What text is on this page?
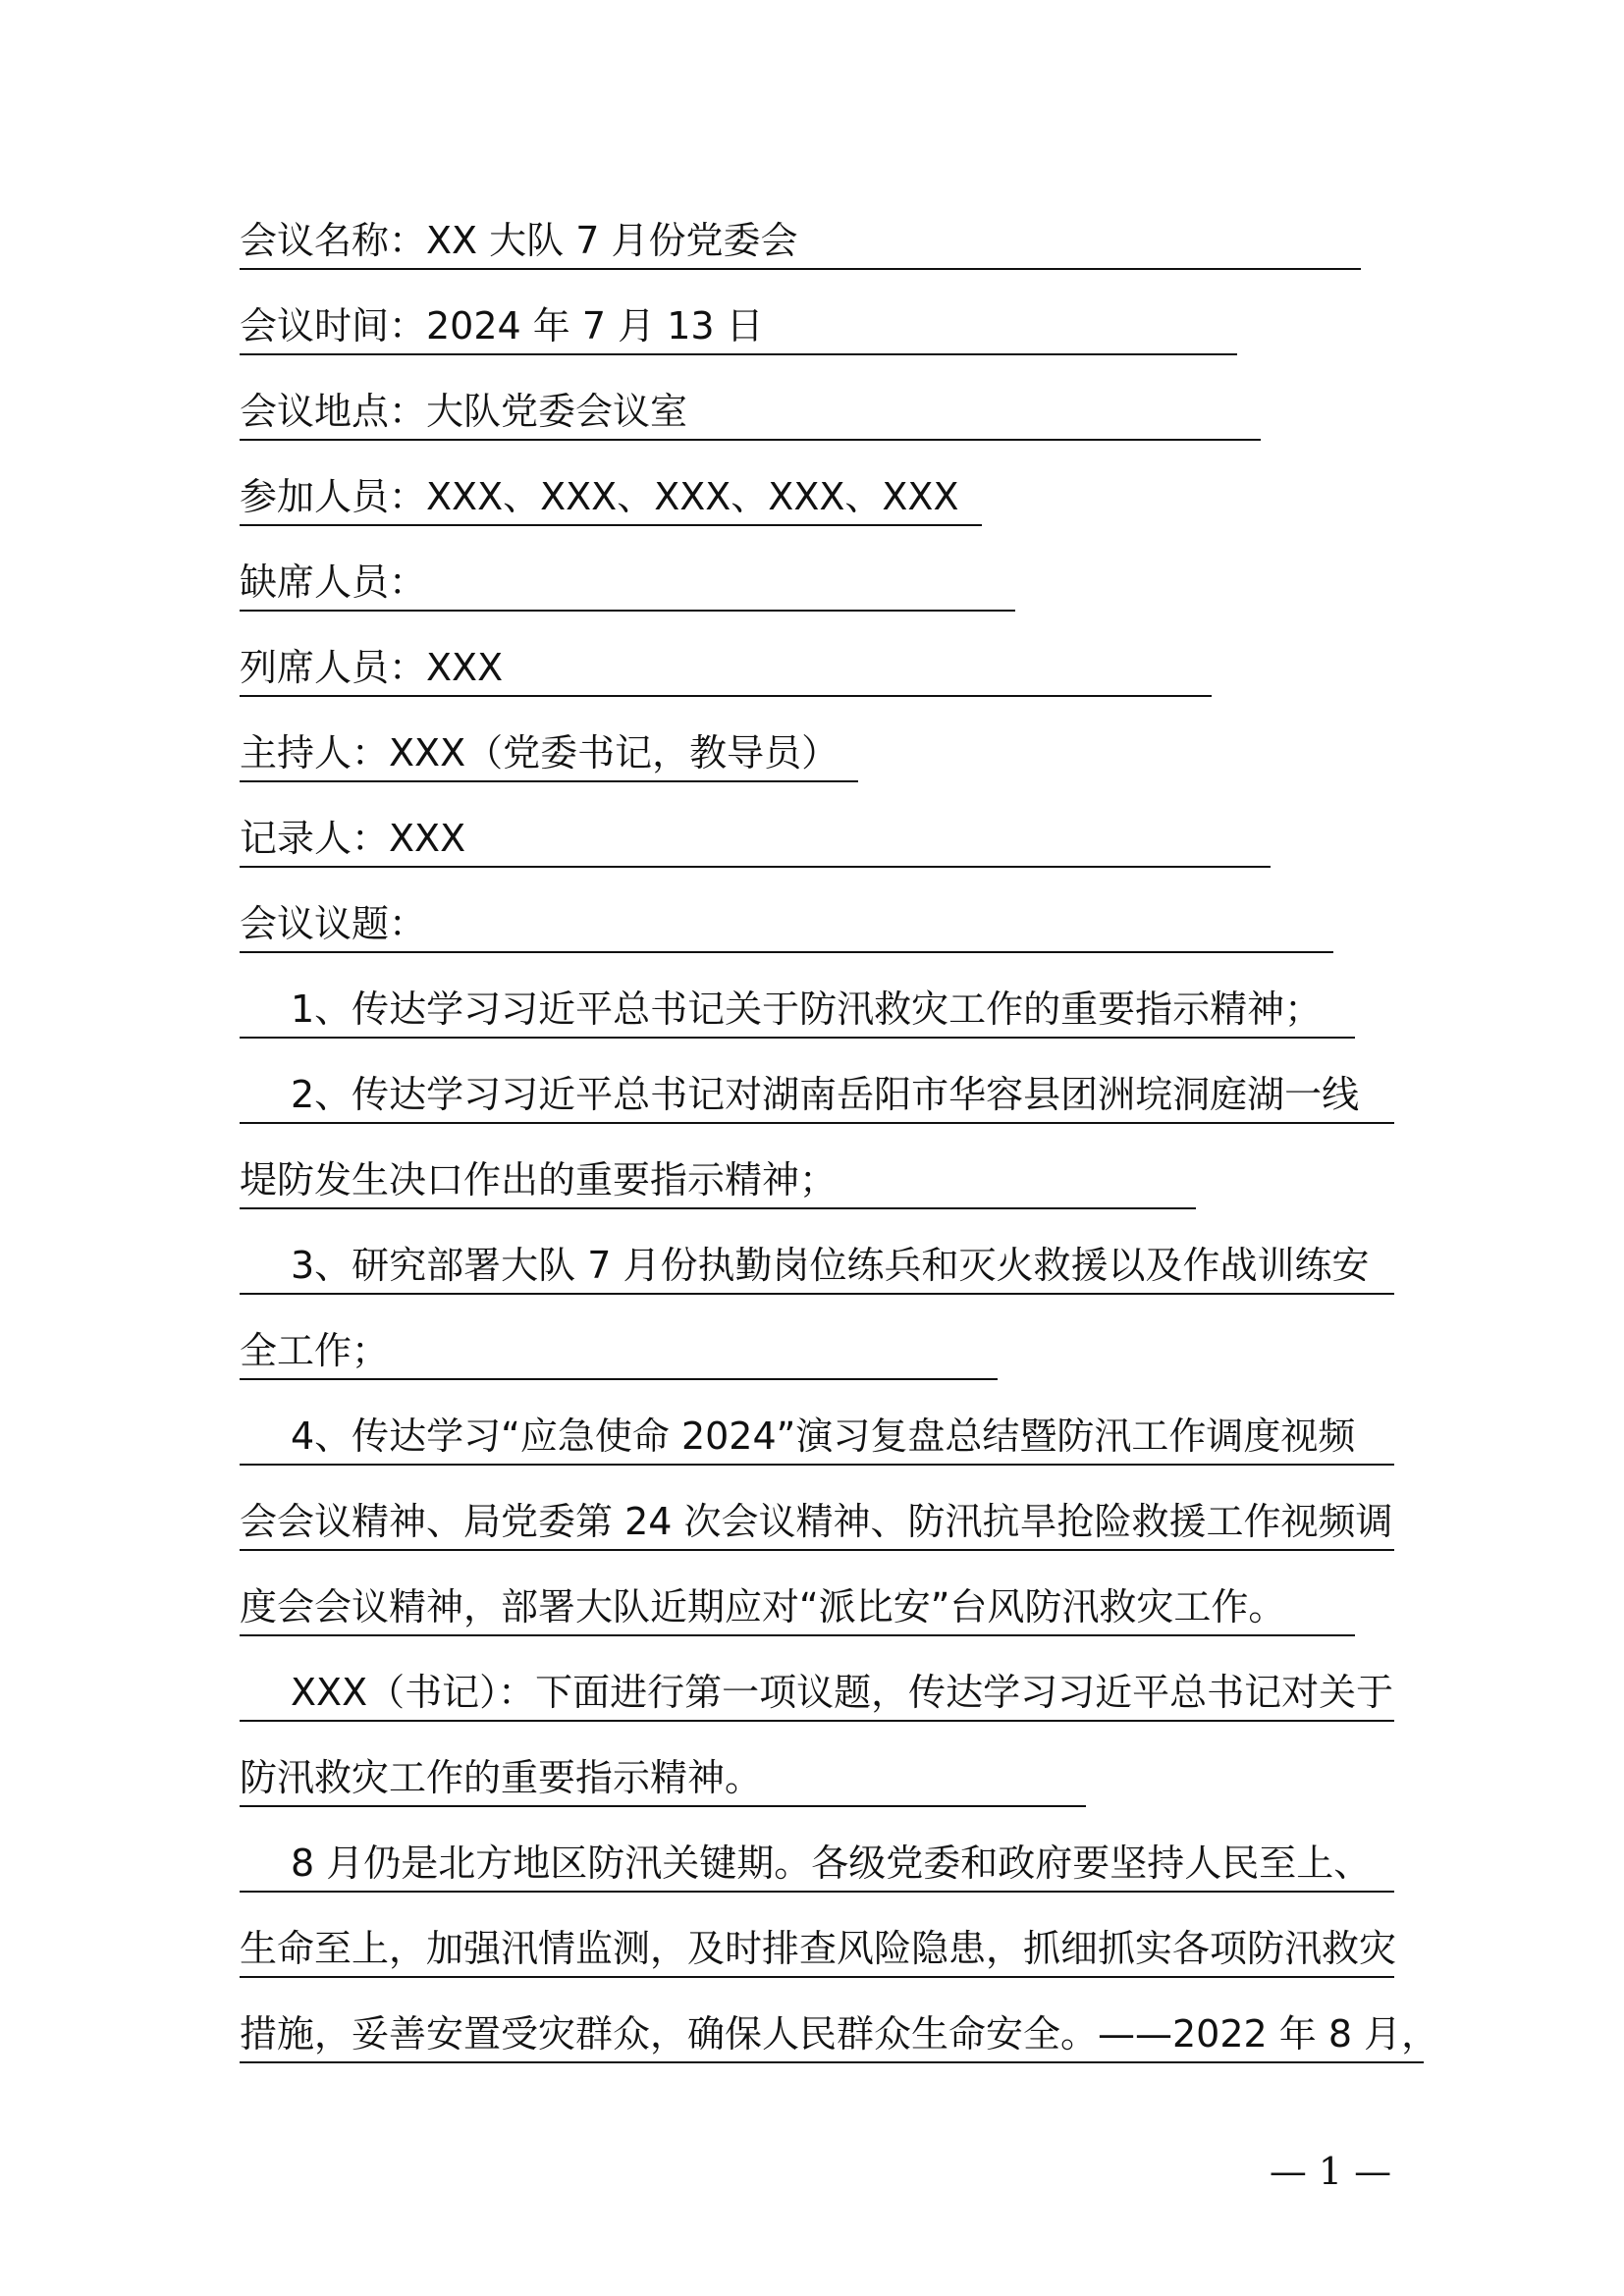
会议名称：XX 大队 7 月份党委会
会议时间：2024 年 7 月 13 日
会议地点：大队党委会议室
参加人员：XXX、XXX、XXX、XXX、XXX
缺席人员：
列席人员：XXX
主持人：XXX（党委书记，教导员）
记录人：XXX
会议议题：
1、传达学习习近平总书记关于防汛救灾工作的重要指示精神；
2、传达学习习近平总书记对湖南岳阳市华容县团洲垸洞庭湖一线
堤防发生决口作出的重要指示精神；
3、研究部署大队 7 月份执勤岗位练兵和灭火救援以及作战训练安
全工作；
4、传达学习“应急使命 2024”演习复盘总结暨防汛工作调度视频
会会议精神、局党委第 24 次会议精神、防汛抗旱抢险救援工作视频调
度会会议精神，部署大队近期应对“派比安”台风防汛救灾工作。
XXX（书记）：下面进行第一项议题，传达学习习近平总书记对关于
防汛救灾工作的重要指示精神。
8 月仍是北方地区防汛关键期。各级党委和政府要坚持人民至上、
生命至上，加强汛情监测，及时排查风险隐患，抓细抓实各项防汛救灾
措施，妥善安置受灾群众，确保人民群众生命安全。——2022 年 8 月，
— 1 —
